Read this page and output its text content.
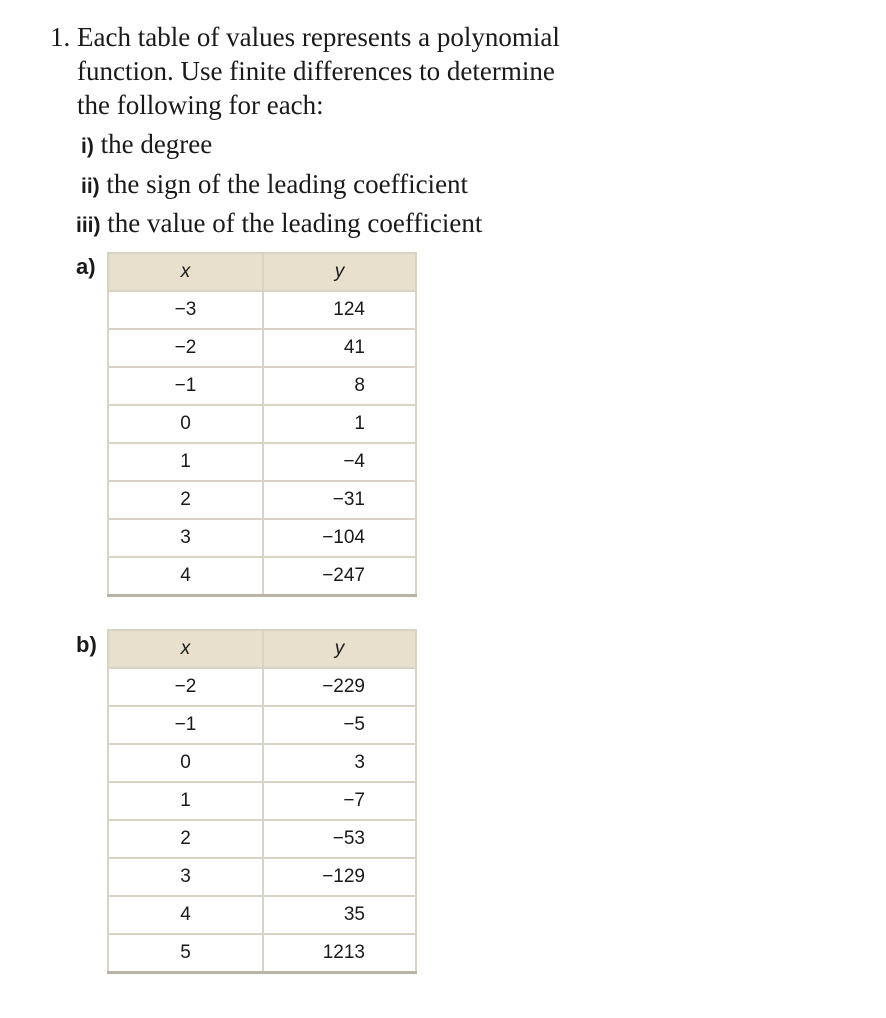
1. Each table of values represents a polynomial
function. Use finite differences to determine
the following for each:

i) the degree
ii) the sign of the leading coefficient
iii) the value of the leading coefficient
a)	x	y
−3	124
−2	41
−1	8
0	1
1	−4
2	−31
3	−104
4	−247
b)	x	y
−2	−229
−1	−5
0	3
1	−7
2	−53
3	−129
4	35
5	1213
